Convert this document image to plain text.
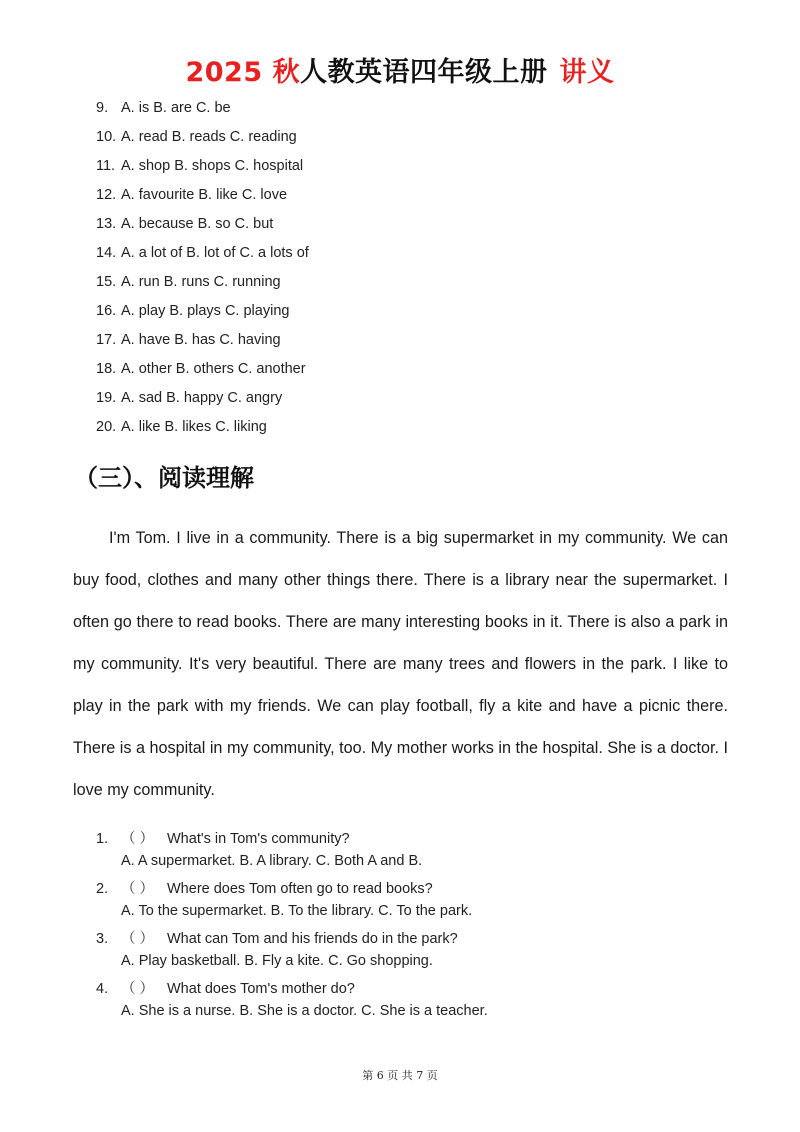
2025 秋人教英语四年级上册 讲义
9. A. is B. are C. be
10. A. read B. reads C. reading
11. A. shop B. shops C. hospital
12. A. favourite B. like C. love
13. A. because B. so C. but
14. A. a lot of B. lot of C. a lots of
15. A. run B. runs C. running
16. A. play B. plays C. playing
17. A. have B. has C. having
18. A. other B. others C. another
19. A. sad B. happy C. angry
20. A. like B. likes C. liking
（三）、阅读理解

I'm Tom. I live in a community. There is a big supermarket in my community. We can buy food, clothes and many other things there. There is a library near the supermarket. I often go there to read books. There are many interesting books in it. There is also a park in my community. It's very beautiful. There are many trees and flowers in the park. I like to play in the park with my friends. We can play football, fly a kite and have a picnic there. There is a hospital in my community, too. My mother works in the hospital. She is a doctor. I love my community.

1. （ ） What's in Tom's community?
A. A supermarket. B. A library. C. Both A and B.
2. （ ） Where does Tom often go to read books?
A. To the supermarket. B. To the library. C. To the park.
3. （ ） What can Tom and his friends do in the park?
A. Play basketball. B. Fly a kite. C. Go shopping.
4. （ ） What does Tom's mother do?
A. She is a nurse. B. She is a doctor. C. She is a teacher.
第 6 页 共 7 页
